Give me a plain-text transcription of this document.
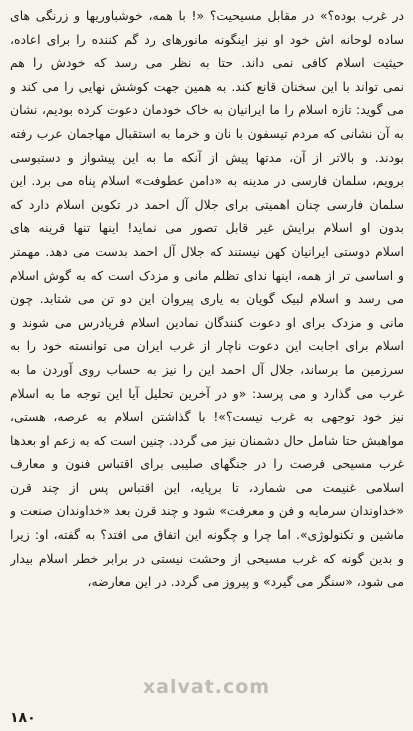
در غرب بوده؟» در مقابل مسیحیت؟ «! با همه، خوشباوریها و زرنگی های
ساده لوحانه اش خود او نیز اینگونه مانورهای رد گم کننده را برای اعاده،
حیثیت اسلام کافی نمی داند. حتا به نظر می رسد که خودش را هم
نمی تواند با این سخنان قانع کند. به همین جهت کوشش نهایی را می کند و
می گوید: تازه اسلام را ما ایرانیان به خاک خودمان دعوت کرده بودیم، نشان
به آن نشانی که مردم تیسفون با نان و خرما به استقبال مهاجمان عرب رفته
بودند. و بالاتر از آن، مدتها پیش از آنکه ما به این پیشواز و دستبوسی
برویم، سلمان فارسی در مدینه به «دامن عطوفت» اسلام پناه می برد. این
سلمان فارسی چنان اهمیتی برای جلال آل احمد در تکوین اسلام دارد که
بدون او اسلام برایش غیر قابل تصور می نماید! اینها تنها قرینه های
اسلام دوستی ایرانیان کهن نیستند که جلال آل احمد بدست می دهد. مهمتر
و اساسی تر از همه، اینها ندای تظلم مانی و مزدک است که به گوش اسلام
می رسد و اسلام لبیک گویان به یاری پیروان این دو تن می شتابد. چون
مانی و مزدک برای او دعوت کنندگان نمادین اسلام فریادرس می شوند و
اسلام برای اجابت این دعوت ناچار از غرب ایران می توانسته خود را به
سرزمین ما برساند، جلال آل احمد این را نیز به حساب روی آوردن ما به
غرب می گذارد و می پرسد: «و در آخرین تحلیل آیا این توجه ما به اسلام
نیز خود توجهی به غرب نیست؟»! با گذاشتن اسلام به عرصه، هستی،
مواهبش حتا شامل حال دشمنان نیز می گردد. چنین است که به زعم او بعدها
غرب مسیحی فرصت را در جنگهای صلیبی برای اقتباس فنون و معارف
اسلامی غنیمت می شمارد، تا برپایه، این اقتباس پس از چند قرن
«خداوندان سرمایه و فن و معرفت» شود و چند قرن بعد «خداوندان صنعت و
ماشین و تکنولوژی». اما چرا و چگونه این اتفاق می افتد؟ به گفته، او: زیرا
و بدین گونه که غرب مسیحی از وحشت نیستی در برابر خطر اسلام بیدار
می شود، «سنگر می گیرد» و پیروز می گردد. در این معارضه،
xalvat.com
۱۸۰
